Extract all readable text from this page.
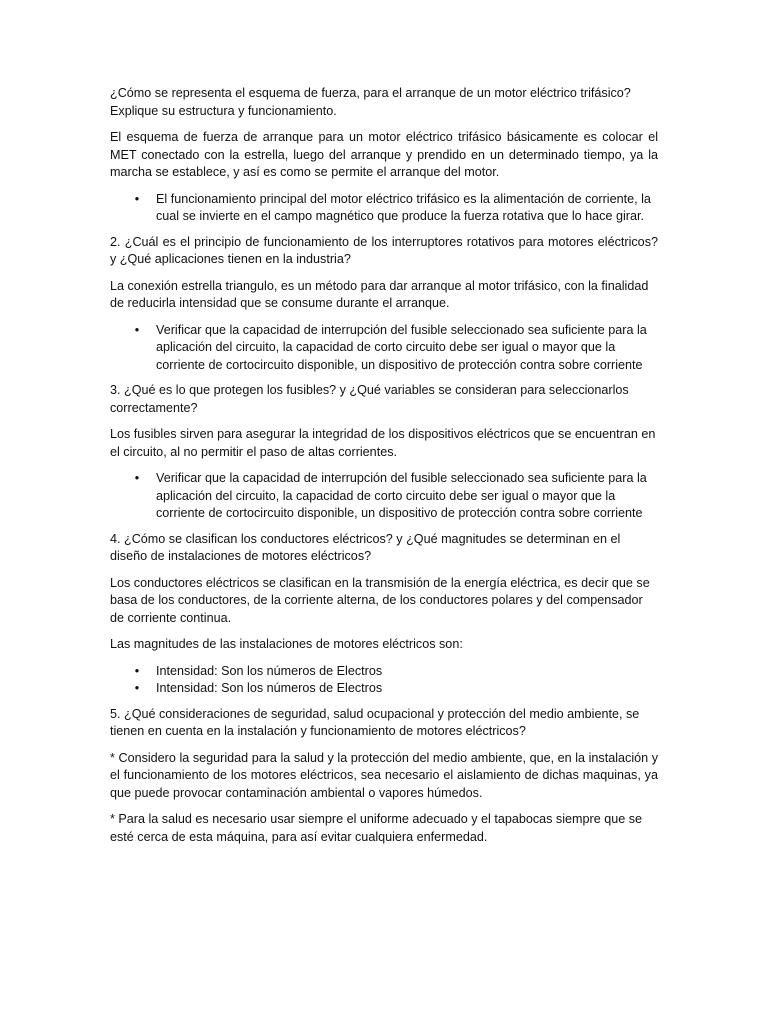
¿Cómo se representa el esquema de fuerza, para el arranque de un motor eléctrico trifásico? Explique su estructura y funcionamiento.

El esquema de fuerza de arranque para un motor eléctrico trifásico básicamente es colocar el MET conectado con la estrella, luego del arranque y prendido en un determinado tiempo, ya la marcha se establece, y así es como se permite el arranque del motor.

• El funcionamiento principal del motor eléctrico trifásico es la alimentación de corriente, la cual se invierte en el campo magnético que produce la fuerza rotativa que lo hace girar.

2. ¿Cuál es el principio de funcionamiento de los interruptores rotativos para motores eléctricos? y ¿Qué aplicaciones tienen en la industria?

La conexión estrella triangulo, es un método para dar arranque al motor trifásico, con la finalidad de reducirla intensidad que se consume durante el arranque.

• Verificar que la capacidad de interrupción del fusible seleccionado sea suficiente para la aplicación del circuito, la capacidad de corto circuito debe ser igual o mayor que la corriente de cortocircuito disponible, un dispositivo de protección contra sobre corriente

3. ¿Qué es lo que protegen los fusibles? y ¿Qué variables se consideran para seleccionarlos correctamente?

Los fusibles sirven para asegurar la integridad de los dispositivos eléctricos que se encuentran en el circuito, al no permitir el paso de altas corrientes.

• Verificar que la capacidad de interrupción del fusible seleccionado sea suficiente para la aplicación del circuito, la capacidad de corto circuito debe ser igual o mayor que la corriente de cortocircuito disponible, un dispositivo de protección contra sobre corriente

4. ¿Cómo se clasifican los conductores eléctricos? y ¿Qué magnitudes se determinan en el diseño de instalaciones de motores eléctricos?

Los conductores eléctricos se clasifican en la transmisión de la energía eléctrica, es decir que se basa de los conductores, de la corriente alterna, de los conductores polares y del compensador de corriente continua.

Las magnitudes de las instalaciones de motores eléctricos son:

• Intensidad: Son los números de Electros
• Intensidad: Son los números de Electros

5. ¿Qué consideraciones de seguridad, salud ocupacional y protección del medio ambiente, se tienen en cuenta en la instalación y funcionamiento de motores eléctricos?

* Considero la seguridad para la salud y la protección del medio ambiente, que, en la instalación y el funcionamiento de los motores eléctricos, sea necesario el aislamiento de dichas maquinas, ya que puede provocar contaminación ambiental o vapores húmedos.

* Para la salud es necesario usar siempre el uniforme adecuado y el tapabocas siempre que se esté cerca de esta máquina, para así evitar cualquiera enfermedad.
